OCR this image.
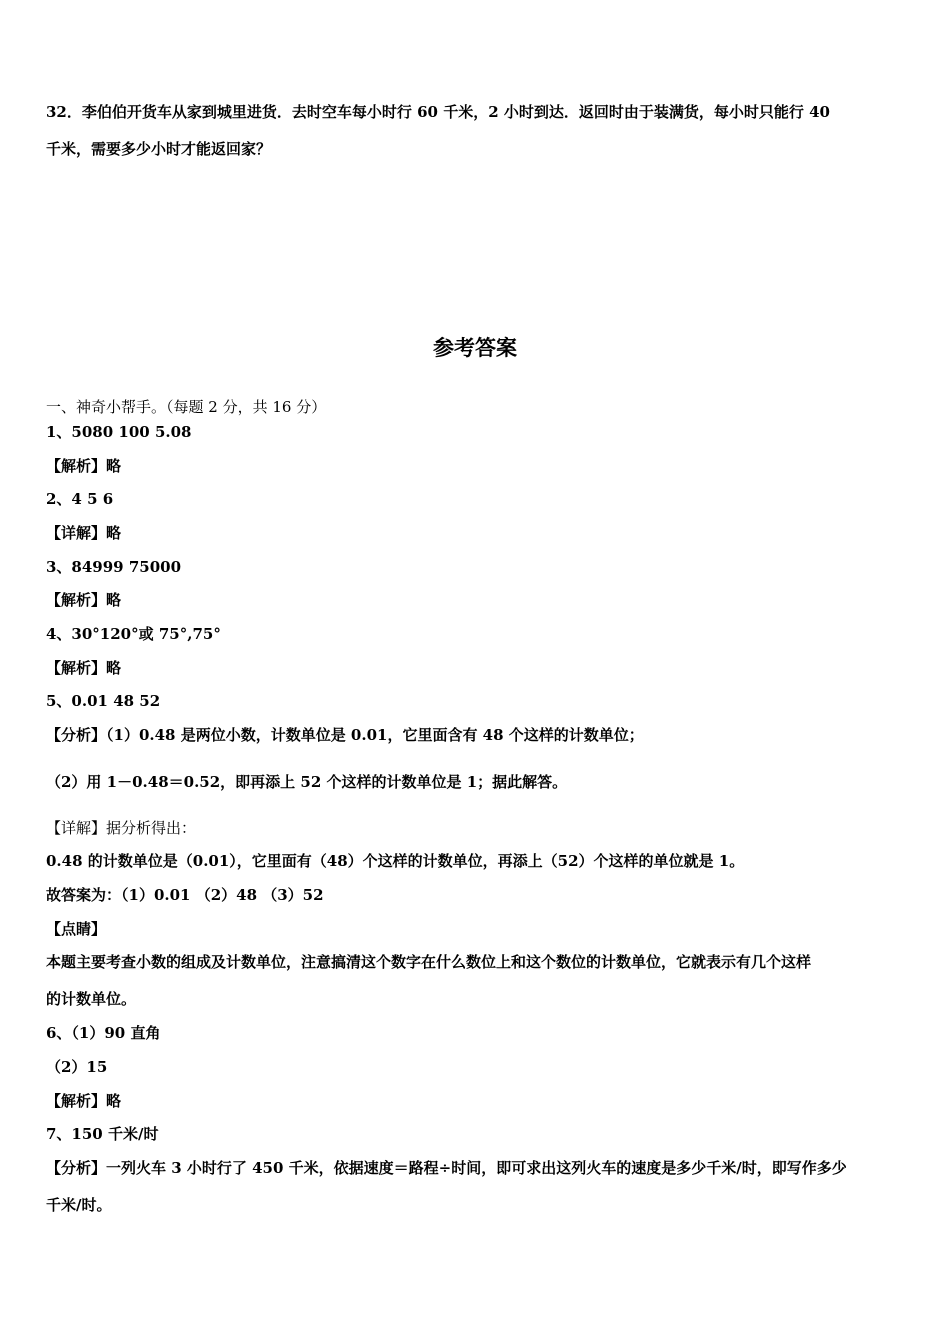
32．李伯伯开货车从家到城里进货．去时空车每小时行 60 千米，2 小时到达．返回时由于装满货，每小时只能行 40
千米，需要多少小时才能返回家？
参考答案
一、神奇小帮手。（每题 2 分，共 16 分）
1、5080 100 5.08
【解析】略
2、4 5 6
【详解】略
3、84999 75000
【解析】略
4、30°120°或 75°,75°
【解析】略
5、0.01 48 52
【分析】（1）0.48 是两位小数，计数单位是 0.01，它里面含有 48 个这样的计数单位；
（2）用 1－0.48＝0.52，即再添上 52 个这样的计数单位是 1；据此解答。
【详解】据分析得出：
0.48 的计数单位是（0.01），它里面有（48）个这样的计数单位，再添上（52）个这样的单位就是 1。
故答案为：（1）0.01 （2）48 （3）52
【点睛】
本题主要考查小数的组成及计数单位，注意搞清这个数字在什么数位上和这个数位的计数单位，它就表示有几个这样
的计数单位。
6、（1）90 直角
（2）15
【解析】略
7、150 千米/时
【分析】一列火车 3 小时行了 450 千米，依据速度＝路程÷时间，即可求出这列火车的速度是多少千米/时，即写作多少
千米/时。
